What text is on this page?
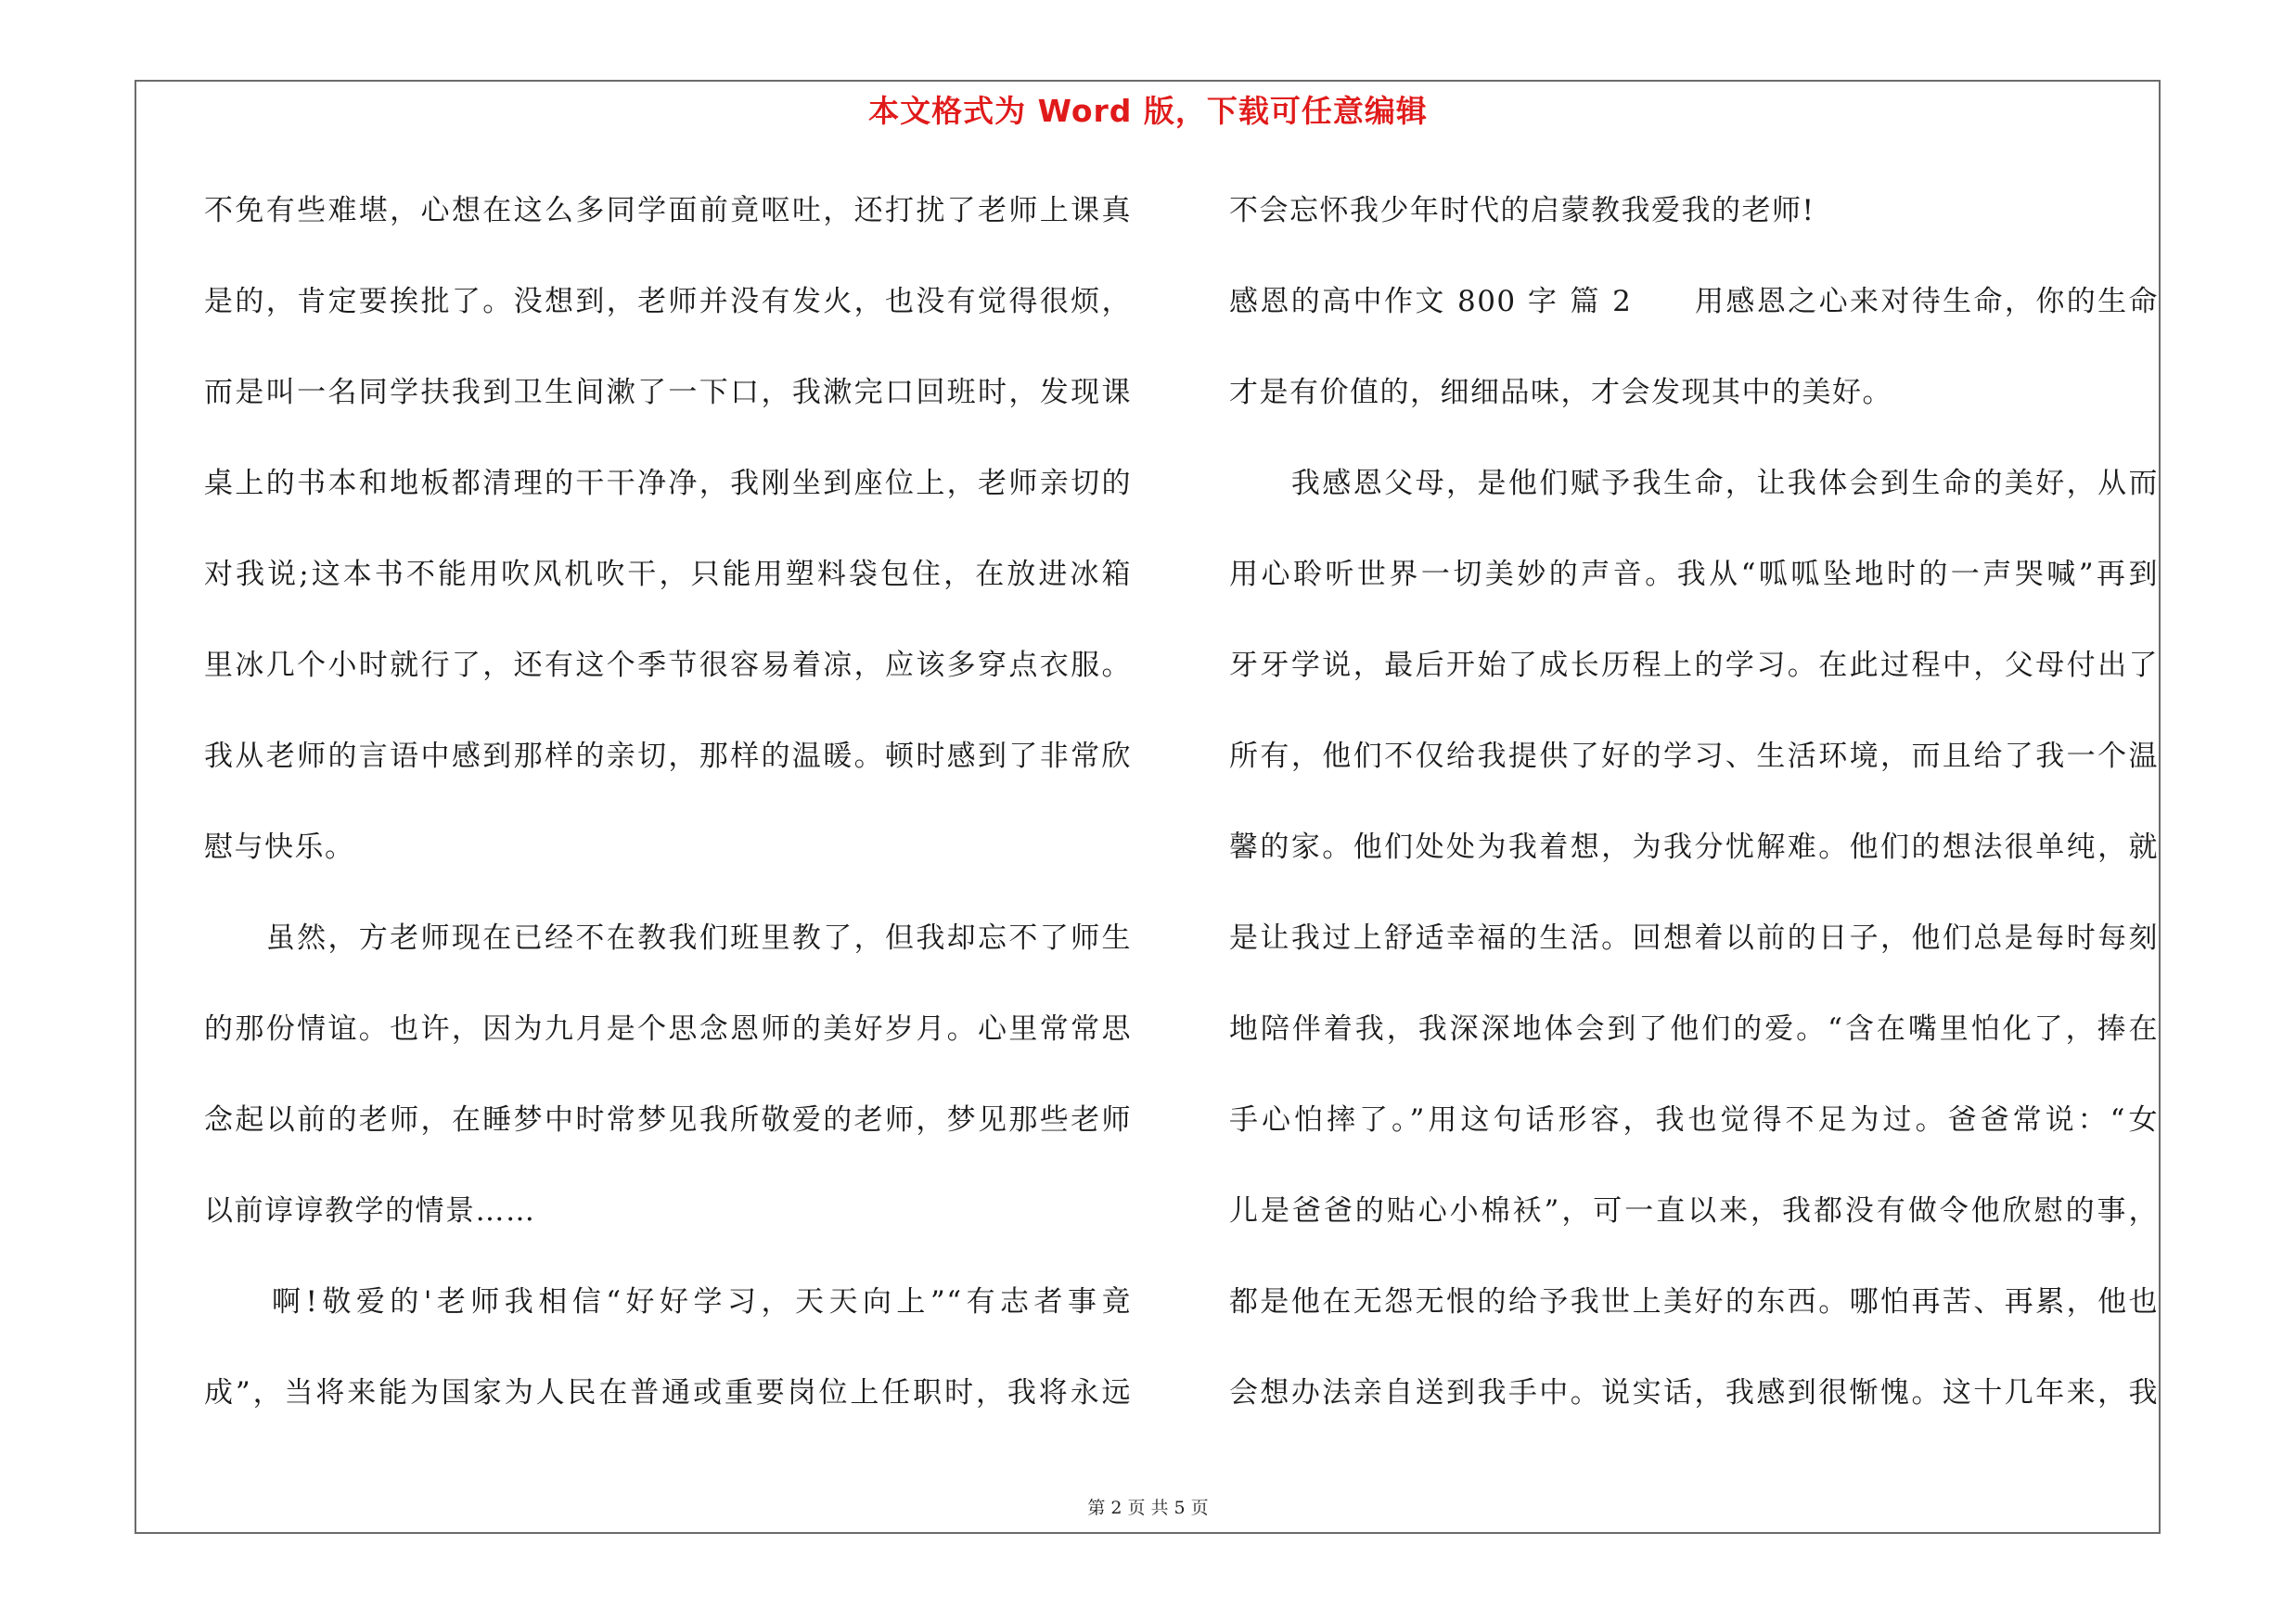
本文格式为 Word 版，下载可任意编辑
不免有些难堪，心想在这么多同学面前竟呕吐，还打扰了老师上课真
是的，肯定要挨批了。没想到，老师并没有发火，也没有觉得很烦，
而是叫一名同学扶我到卫生间漱了一下口，我漱完口回班时，发现课
桌上的书本和地板都清理的干干净净，我刚坐到座位上，老师亲切的
对我说;这本书不能用吹风机吹干，只能用塑料袋包住，在放进冰箱
里冰几个小时就行了，还有这个季节很容易着凉，应该多穿点衣服。
我从老师的言语中感到那样的亲切，那样的温暖。顿时感到了非常欣
慰与快乐。
　　虽然，方老师现在已经不在教我们班里教了，但我却忘不了师生
的那份情谊。也许，因为九月是个思念恩师的美好岁月。心里常常思
念起以前的老师，在睡梦中时常梦见我所敬爱的老师，梦见那些老师
以前谆谆教学的情景……
　　啊!敬爱的'老师我相信“好好学习，天天向上”“有志者事竟
成”，当将来能为国家为人民在普通或重要岗位上任职时，我将永远
不会忘怀我少年时代的启蒙教我爱我的老师!
感恩的高中作文 800 字 篇 2　　用感恩之心来对待生命，你的生命
才是有价值的，细细品味，才会发现其中的美好。
　　我感恩父母，是他们赋予我生命，让我体会到生命的美好，从而
用心聆听世界一切美妙的声音。我从“呱呱坠地时的一声哭喊”再到
牙牙学说，最后开始了成长历程上的学习。在此过程中，父母付出了
所有，他们不仅给我提供了好的学习、生活环境，而且给了我一个温
馨的家。他们处处为我着想，为我分忧解难。他们的想法很单纯，就
是让我过上舒适幸福的生活。回想着以前的日子，他们总是每时每刻
地陪伴着我，我深深地体会到了他们的爱。“含在嘴里怕化了，捧在
手心怕摔了。”用这句话形容，我也觉得不足为过。爸爸常说：“女
儿是爸爸的贴心小棉袄”，可一直以来，我都没有做令他欣慰的事，
都是他在无怨无恨的给予我世上美好的东西。哪怕再苦、再累，他也
会想办法亲自送到我手中。说实话，我感到很惭愧。这十几年来，我
第 2 页 共 5 页
